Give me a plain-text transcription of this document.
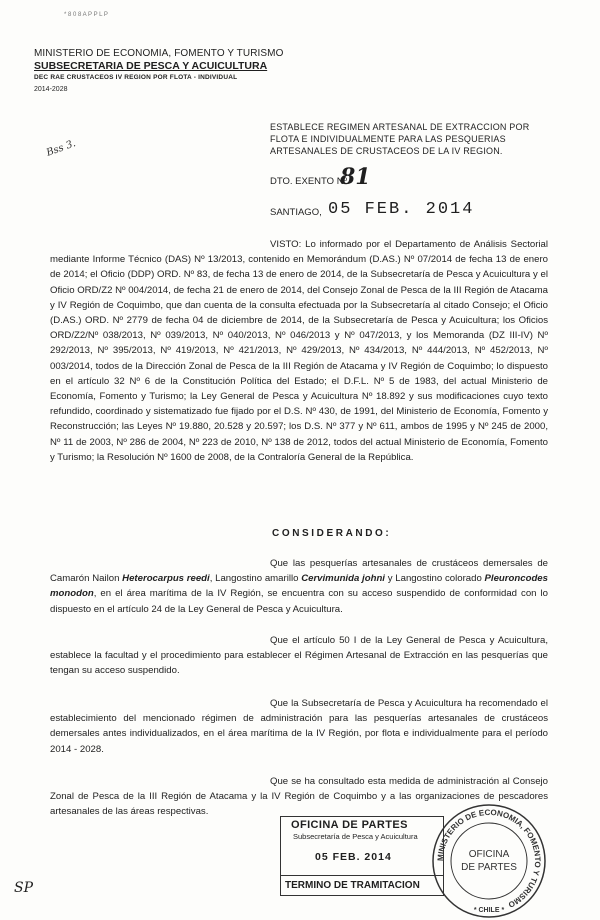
* 8 0 8 A P P L P
MINISTERIO DE ECONOMIA, FOMENTO Y TURISMO
SUBSECRETARIA DE PESCA Y ACUICULTURA
DEC RAE CRUSTACEOS IV REGION POR FLOTA - INDIVIDUAL
2014-2028
Bss 3.
ESTABLECE REGIMEN ARTESANAL DE EXTRACCION POR FLOTA E INDIVIDUALMENTE PARA LAS PESQUERIAS ARTESANALES DE CRUSTACEOS DE LA IV REGION.
DTO. EXENTO Nº
81
SANTIAGO, 05 FEB. 2014
VISTO: Lo informado por el Departamento de Análisis Sectorial mediante Informe Técnico (DAS) Nº 13/2013, contenido en Memorándum (D.AS.) Nº 07/2014 de fecha 13 de enero de 2014; el Oficio (DDP) ORD. Nº 83, de fecha 13 de enero de 2014, de la Subsecretaría de Pesca y Acuicultura y el Oficio ORD/Z2 Nº 004/2014, de fecha 21 de enero de 2014, del Consejo Zonal de Pesca de la III Región de Atacama y IV Región de Coquimbo, que dan cuenta de la consulta efectuada por la Subsecretaría al citado Consejo; el Oficio (D.AS.) ORD. Nº 2779 de fecha 04 de diciembre de 2014, de la Subsecretaría de Pesca y Acuicultura; los Oficios ORD/Z2/Nº 038/2013, Nº 039/2013, Nº 040/2013, Nº 046/2013 y Nº 047/2013, y los Memoranda (DZ III-IV) Nº 292/2013, Nº 395/2013, Nº 419/2013, Nº 421/2013, Nº 429/2013, Nº 434/2013, Nº 444/2013, Nº 452/2013, Nº 003/2014, todos de la Dirección Zonal de Pesca de la III Región de Atacama y IV Región de Coquimbo; lo dispuesto en el artículo 32 Nº 6 de la Constitución Política del Estado; el D.F.L. Nº 5 de 1983, del actual Ministerio de Economía, Fomento y Turismo; la Ley General de Pesca y Acuicultura Nº 18.892 y sus modificaciones cuyo texto refundido, coordinado y sistematizado fue fijado por el D.S. Nº 430, de 1991, del Ministerio de Economía, Fomento y Reconstrucción; las Leyes Nº 19.880, 20.528 y 20.597; los D.S. Nº 377 y Nº 611, ambos de 1995 y Nº 245 de 2000, Nº 11 de 2003, Nº 286 de 2004, Nº 223 de 2010, Nº 138 de 2012, todos del actual Ministerio de Economía, Fomento y Turismo; la Resolución Nº 1600 de 2008, de la Contraloría General de la República.
CONSIDERANDO:
Que las pesquerías artesanales de crustáceos demersales de Camarón Nailon Heterocarpus reedi, Langostino amarillo Cervimunida johni y Langostino colorado Pleuroncodes monodon, en el área marítima de la IV Región, se encuentra con su acceso suspendido de conformidad con lo dispuesto en el artículo 24 de la Ley General de Pesca y Acuicultura.
Que el artículo 50 I de la Ley General de Pesca y Acuicultura, establece la facultad y el procedimiento para establecer el Régimen Artesanal de Extracción en las pesquerías que tengan su acceso suspendido.
Que la Subsecretaría de Pesca y Acuicultura ha recomendado el establecimiento del mencionado régimen de administración para las pesquerías artesanales de crustáceos demersales antes individualizados, en el área marítima de la IV Región, por flota e individualmente para el período 2014 - 2028.
Que se ha consultado esta medida de administración al Consejo Zonal de Pesca de la III Región de Atacama y la IV Región de Coquimbo y a las organizaciones de pescadores artesanales de las áreas respectivas.
OFICINA DE PARTES
Subsecretaría de Pesca y Acuicultura
05 FEB. 2014
TERMINO DE TRAMITACION
MINISTERIO DE ECONOMIA, FOMENTO Y TURISMO
OFICINA
DE PARTES
* CHILE *
SP
